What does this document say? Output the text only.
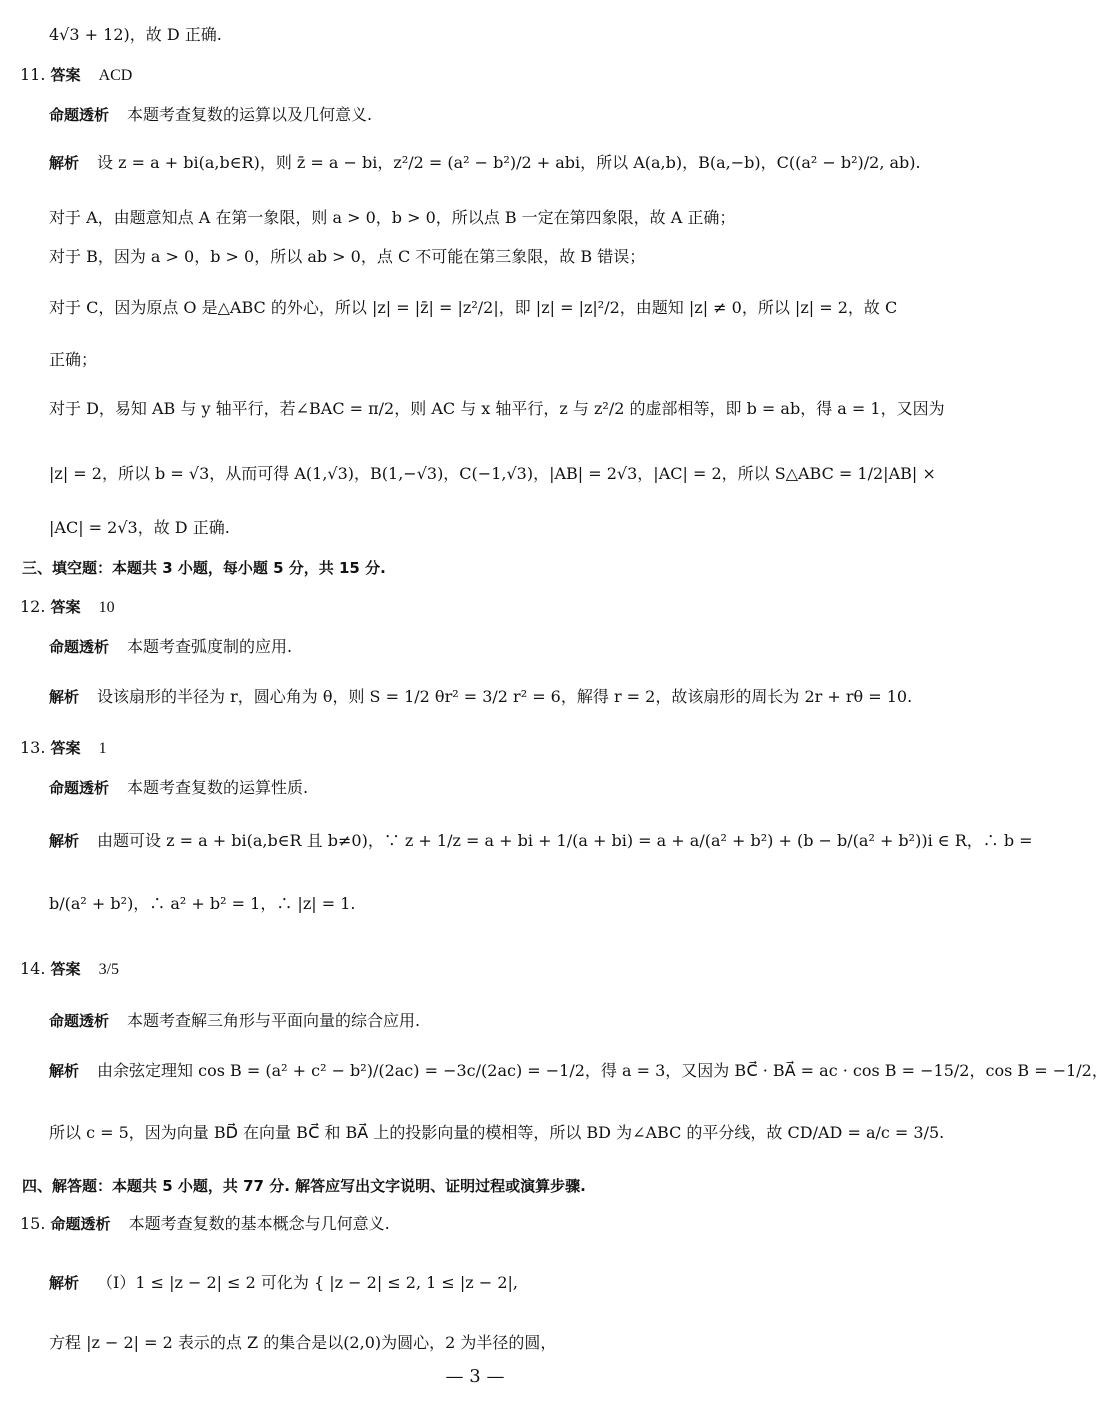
4√3 + 12)，故 D 正确.
11. 答案 ACD
命题透析 本题考查复数的运算以及几何意义.
解析 设 z = a + bi(a,b∈R)，则 z̄ = a − bi，z²/2 = (a² − b²)/2 + abi，所以 A(a,b)，B(a,−b)，C((a² − b²)/2, ab).
对于 A，由题意知点 A 在第一象限，则 a > 0，b > 0，所以点 B 一定在第四象限，故 A 正确；
对于 B，因为 a > 0，b > 0，所以 ab > 0，点 C 不可能在第三象限，故 B 错误；
对于 C，因为原点 O 是△ABC 的外心，所以 |z| = |z̄| = |z²/2|，即 |z| = |z|²/2，由题知 |z| ≠ 0，所以 |z| = 2，故 C
正确；
对于 D，易知 AB 与 y 轴平行，若∠BAC = π/2，则 AC 与 x 轴平行，z 与 z²/2 的虚部相等，即 b = ab，得 a = 1，又因为
|z| = 2，所以 b = √3，从而可得 A(1,√3)，B(1,−√3)，C(−1,√3)，|AB| = 2√3，|AC| = 2，所以 S△ABC = 1/2|AB| ×
|AC| = 2√3，故 D 正确.
三、填空题：本题共 3 小题，每小题 5 分，共 15 分.
12. 答案 10
命题透析 本题考查弧度制的应用.
解析 设该扇形的半径为 r，圆心角为 θ，则 S = 1/2 θr² = 3/2 r² = 6，解得 r = 2，故该扇形的周长为 2r + rθ = 10.
13. 答案 1
命题透析 本题考查复数的运算性质.
解析 由题可设 z = a + bi(a,b∈R 且 b≠0)，∵ z + 1/z = a + bi + 1/(a + bi) = a + a/(a² + b²) + (b − b/(a² + b²))i ∈ R，∴ b =
b/(a² + b²)，∴ a² + b² = 1，∴ |z| = 1.
14. 答案 3/5
命题透析 本题考查解三角形与平面向量的综合应用.
解析 由余弦定理知 cos B = (a² + c² − b²)/(2ac) = −3c/(2ac) = −1/2，得 a = 3，又因为 BC⃗ · BA⃗ = ac · cos B = −15/2，cos B = −1/2，
所以 c = 5，因为向量 BD⃗ 在向量 BC⃗ 和 BA⃗ 上的投影向量的模相等，所以 BD 为∠ABC 的平分线，故 CD/AD = a/c = 3/5.
四、解答题：本题共 5 小题，共 77 分. 解答应写出文字说明、证明过程或演算步骤.
15. 命题透析 本题考查复数的基本概念与几何意义.
解析 （Ⅰ）1 ≤ |z − 2| ≤ 2 可化为 { |z − 2| ≤ 2, 1 ≤ |z − 2|,
方程 |z − 2| = 2 表示的点 Z 的集合是以(2,0)为圆心，2 为半径的圆，
— 3 —
